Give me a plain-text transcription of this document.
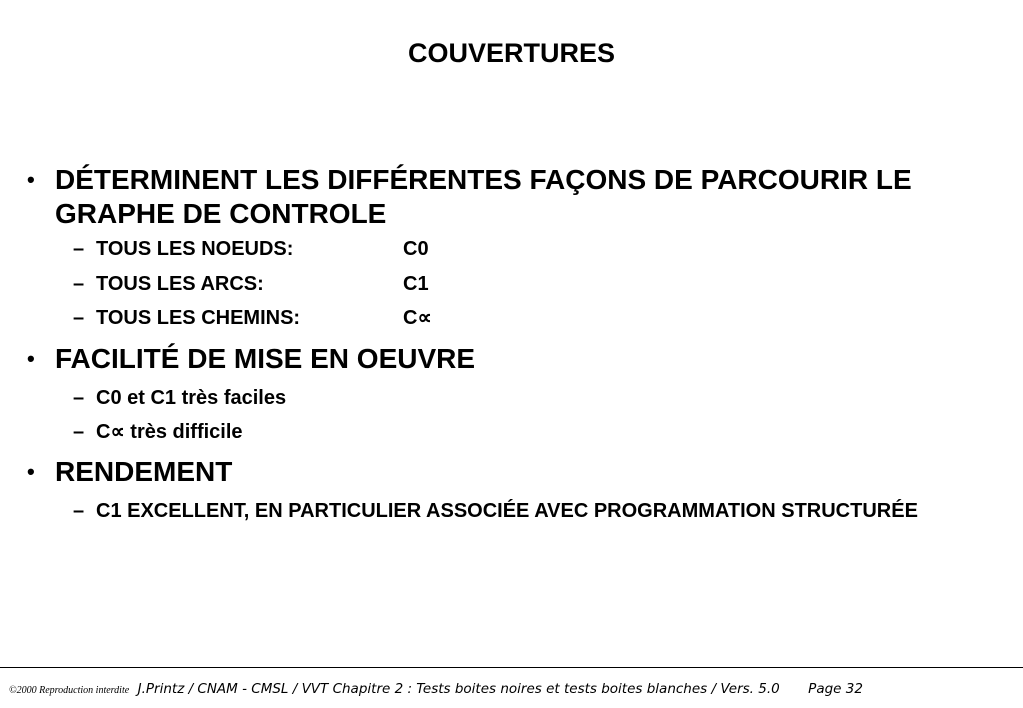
COUVERTURES
• DÉTERMINENT LES DIFFÉRENTES FAÇONS DE PARCOURIR LE GRAPHE DE CONTROLE
– TOUS LES NOEUDS:	C0
– TOUS LES ARCS:	C1
– TOUS LES CHEMINS:	C∝
• FACILITÉ DE MISE EN OEUVRE
– C0 et C1 très faciles
– C∝ très difficile
• RENDEMENT
– C1 EXCELLENT, EN PARTICULIER ASSOCIÉE AVEC PROGRAMMATION STRUCTURÉE
©2000 Reproduction interdite J.Printz / CNAM - CMSL / VVT Chapitre 2 : Tests boites noires et tests boites blanches / Vers. 5.0 Page 32
